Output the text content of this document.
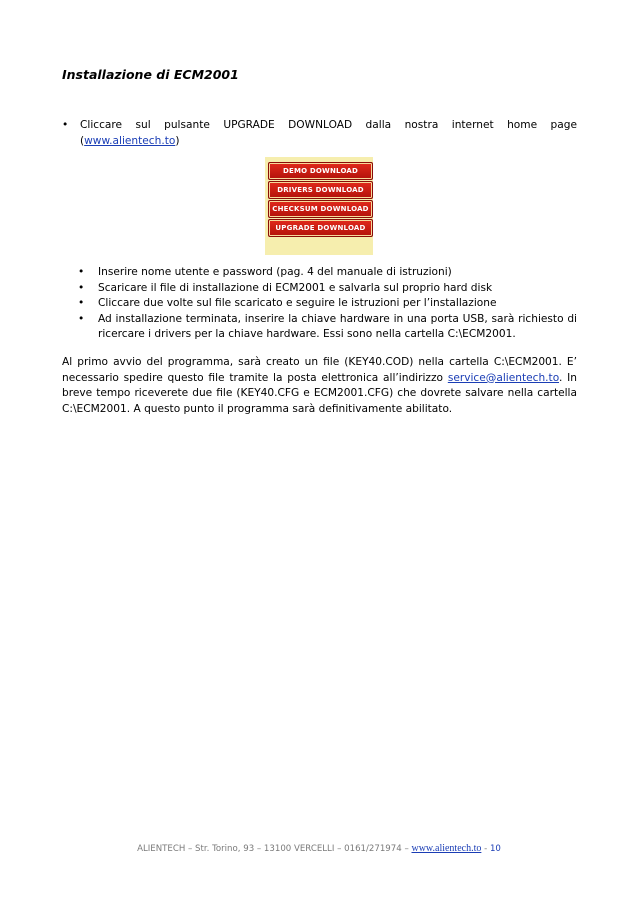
Installazione di ECM2001
• Cliccare sul pulsante UPGRADE DOWNLOAD dalla nostra internet home page
(www.alientech.to)
DEMO DOWNLOAD
DRIVERS DOWNLOAD
CHECKSUM DOWNLOAD
UPGRADE DOWNLOAD
• Inserire nome utente e password (pag. 4 del manuale di istruzioni)
• Scaricare il file di installazione di ECM2001 e salvarla sul proprio hard disk
• Cliccare due volte sul file scaricato e seguire le istruzioni per l’installazione
• Ad installazione terminata, inserire la chiave hardware in una porta USB, sarà richiesto di ricercare i drivers per la chiave hardware. Essi sono nella cartella C:\ECM2001.

Al primo avvio del programma, sarà creato un file (KEY40.COD) nella cartella C:\ECM2001. E’ necessario spedire questo file tramite la posta elettronica all’indirizzo service@alientech.to. In breve tempo riceverete due file (KEY40.CFG e ECM2001.CFG) che dovrete salvare nella cartella C:\ECM2001. A questo punto il programma sarà definitivamente abilitato.

ALIENTECH – Str. Torino, 93 – 13100 VERCELLI – 0161/271974 – www.alientech.to - 10
